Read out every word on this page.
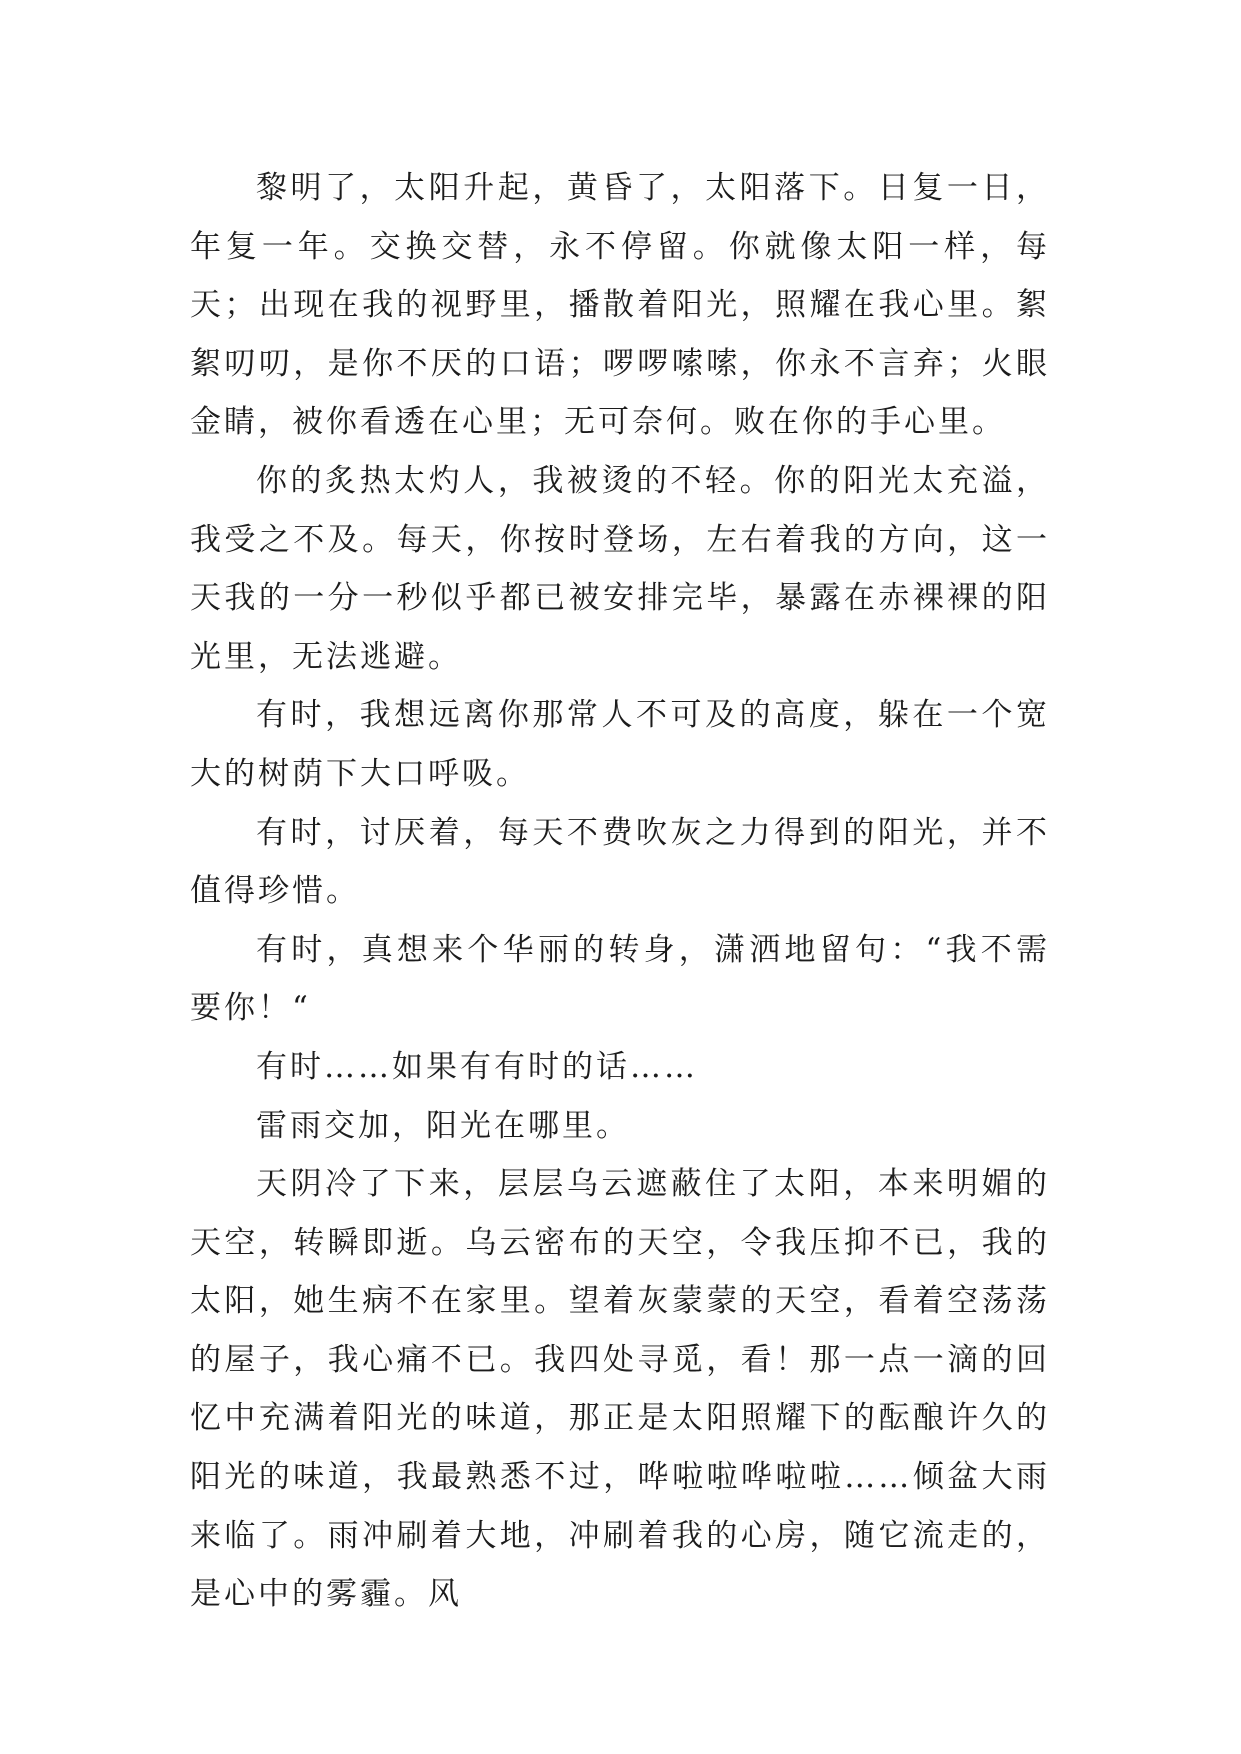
黎明了，太阳升起，黄昏了，太阳落下。日复一日，年复一年。交换交替，永不停留。你就像太阳一样，每天；出现在我的视野里，播散着阳光，照耀在我心里。絮絮叨叨，是你不厌的口语；啰啰嗦嗦，你永不言弃；火眼金睛，被你看透在心里；无可奈何。败在你的手心里。

你的炙热太灼人，我被烫的不轻。你的阳光太充溢，我受之不及。每天，你按时登场，左右着我的方向，这一天我的一分一秒似乎都已被安排完毕，暴露在赤裸裸的阳光里，无法逃避。

有时，我想远离你那常人不可及的高度，躲在一个宽大的树荫下大口呼吸。

有时，讨厌着，每天不费吹灰之力得到的阳光，并不值得珍惜。

有时，真想来个华丽的转身，潇洒地留句：“我不需要你！“

有时……如果有有时的话……

雷雨交加，阳光在哪里。

天阴冷了下来，层层乌云遮蔽住了太阳，本来明媚的天空，转瞬即逝。乌云密布的天空，令我压抑不已，我的太阳，她生病不在家里。望着灰蒙蒙的天空，看着空荡荡的屋子，我心痛不已。我四处寻觅，看！那一点一滴的回忆中充满着阳光的味道，那正是太阳照耀下的酝酿许久的阳光的味道，我最熟悉不过，哗啦啦哗啦啦……倾盆大雨来临了。雨冲刷着大地，冲刷着我的心房，随它流走的，是心中的雾霾。风
